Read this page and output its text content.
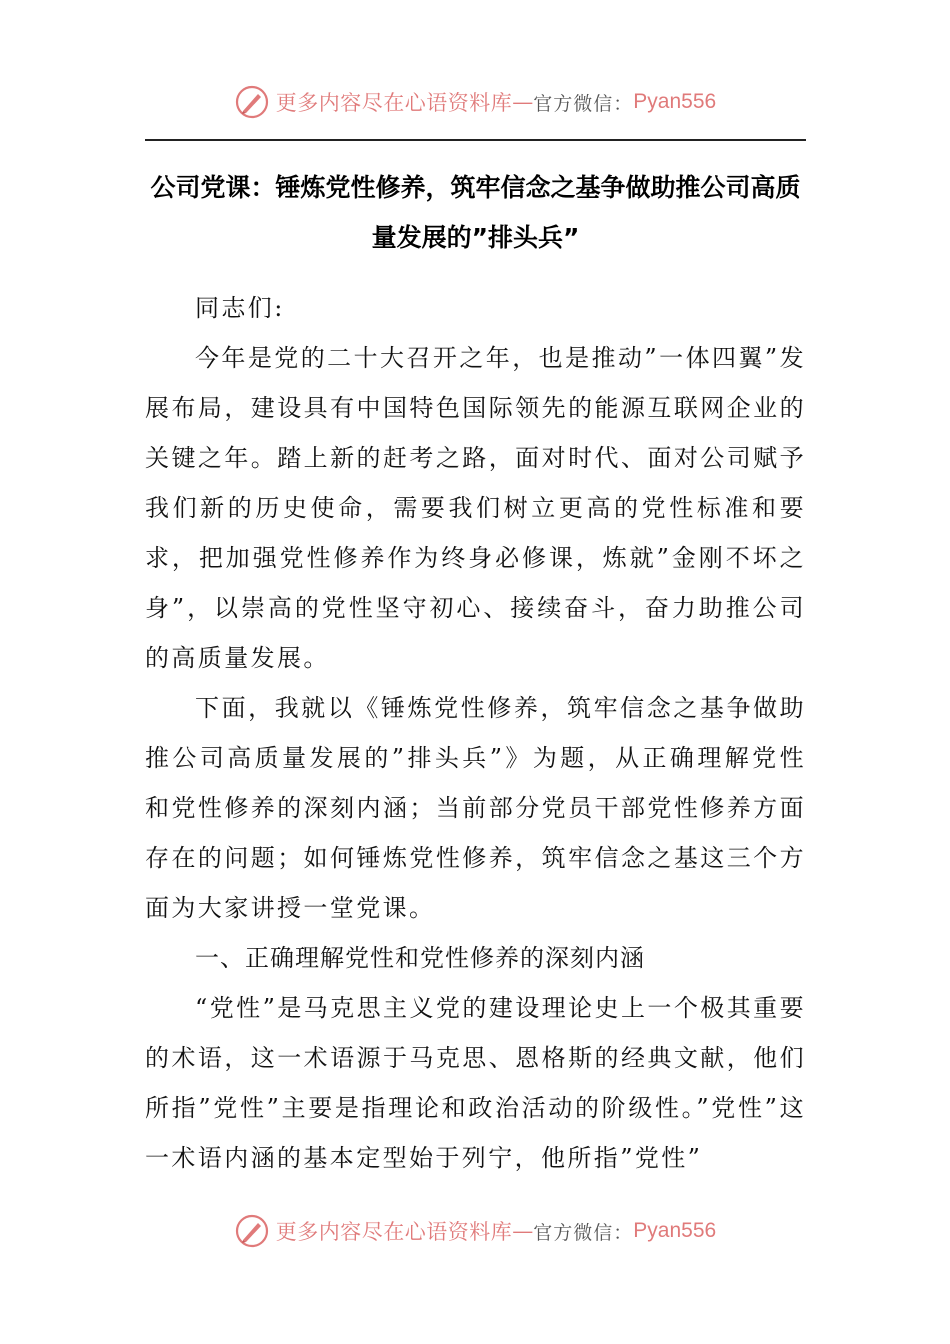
更多内容尽在心语资料库 — 官方微信： Pyan556
公司党课：锤炼党性修养，筑牢信念之基争做助推公司高质量发展的”排头兵”

同志们:

今年是党的二十大召开之年，也是推动”一体四翼”发展布局，建设具有中国特色国际领先的能源互联网企业的关键之年。踏上新的赶考之路，面对时代、面对公司赋予我们新的历史使命，需要我们树立更高的党性标准和要求，把加强党性修养作为终身必修课，炼就”金刚不坏之身”，以崇高的党性坚守初心、接续奋斗，奋力助推公司的高质量发展。

下面，我就以《锤炼党性修养，筑牢信念之基争做助推公司高质量发展的”排头兵”》为题，从正确理解党性和党性修养的深刻内涵；当前部分党员干部党性修养方面存在的问题；如何锤炼党性修养，筑牢信念之基这三个方面为大家讲授一堂党课。

一、正确理解党性和党性修养的深刻内涵

“党性”是马克思主义党的建设理论史上一个极其重要的术语，这一术语源于马克思、恩格斯的经典文献，他们所指”党性”主要是指理论和政治活动的阶级性。”党性”这一术语内涵的基本定型始于列宁，他所指”党性”

更多内容尽在心语资料库 — 官方微信： Pyan556
